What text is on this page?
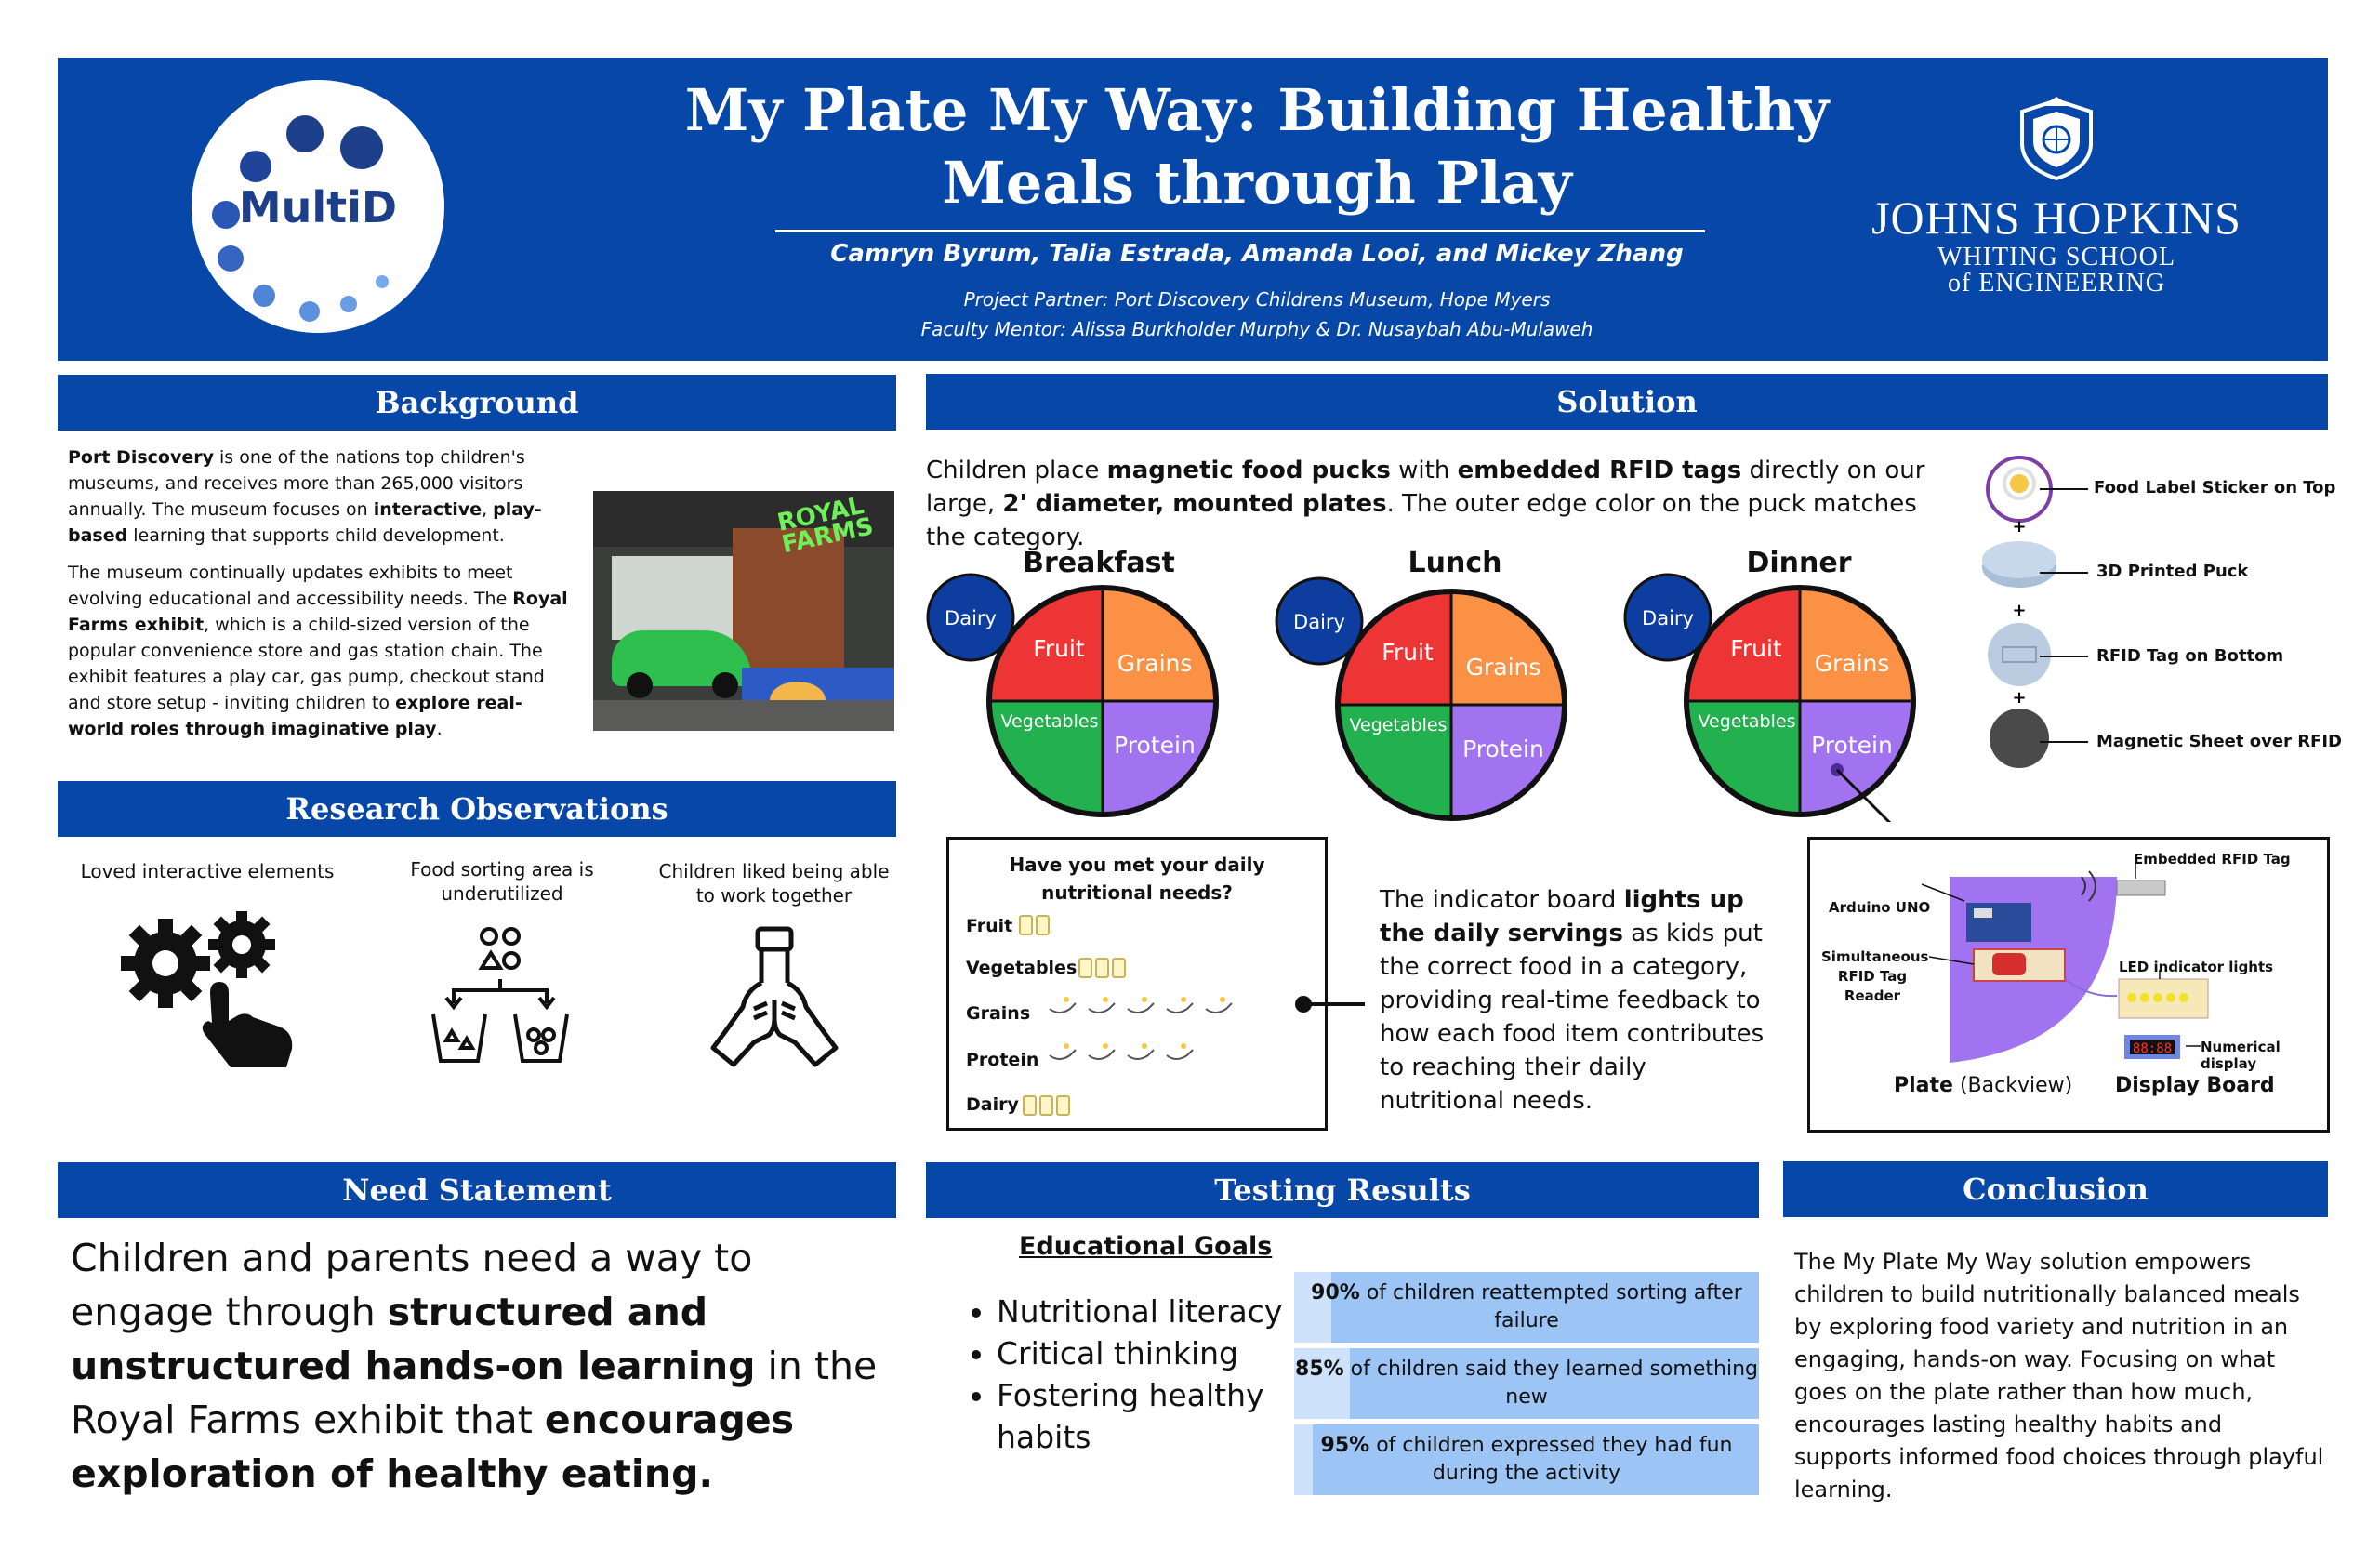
MultiD
My Plate My Way: Building Healthy
Meals through Play
Camryn Byrum, Talia Estrada, Amanda Looi, and Mickey Zhang
Project Partner: Port Discovery Childrens Museum, Hope Myers
Faculty Mentor: Alissa Burkholder Murphy & Dr. Nusaybah Abu-Mulaweh
JOHNS HOPKINS
WHITING SCHOOL
of ENGINEERING
Background

Port Discovery is one of the nations top children's museums, and receives more than 265,000 visitors annually. The museum focuses on interactive, play-based learning that supports child development.

The museum continually updates exhibits to meet evolving educational and accessibility needs. The Royal Farms exhibit, which is a child-sized version of the popular convenience store and gas station chain. The exhibit features a play car, gas pump, checkout stand and store setup - inviting children to explore real-world roles through imaginative play.

ROYAL FARMS
Research Observations
Loved interactive elements	Food sorting area is underutilized
Children liked being able to work together
Need Statement
Children and parents need a way to engage through structured and unstructured hands-on learning in the Royal Farms exhibit that encourages exploration of healthy eating.
Solution
Children place magnetic food pucks with embedded RFID tags directly on our large, 2' diameter, mounted plates. The outer edge color on the puck matches the category.
Breakfast	Lunch	Dinner
Dairy
Fruit
Grains
Vegetables
Protein
Dairy
Fruit
Grains
Vegetables
Protein
Dairy
Fruit
Grains
Vegetables
Protein
+
+
+
Food Label Sticker on Top
3D Printed Puck
RFID Tag on Bottom
Magnetic Sheet over RFID
Have you met your daily nutritional needs?
Fruit
Vegetables
Grains
Protein
Dairy
The indicator board lights up the daily servings as kids put the correct food in a category, providing real-time feedback to how each food item contributes to reaching their daily nutritional needs.
88:88
Embedded RFID Tag
Arduino UNO
Simultaneous RFID Tag Reader
LED indicator lights
Numerical display
Plate (Backview) Display Board
Testing Results
Educational Goals
• Nutritional literacy
• Critical thinking
• Fostering healthy habits
90% of children reattempted sorting after failure
85% of children said they learned something new
95% of children expressed they had fun during the activity
Conclusion
The My Plate My Way solution empowers children to build nutritionally balanced meals by exploring food variety and nutrition in an engaging, hands-on way. Focusing on what goes on the plate rather than how much, encourages lasting healthy habits and supports informed food choices through playful learning.
